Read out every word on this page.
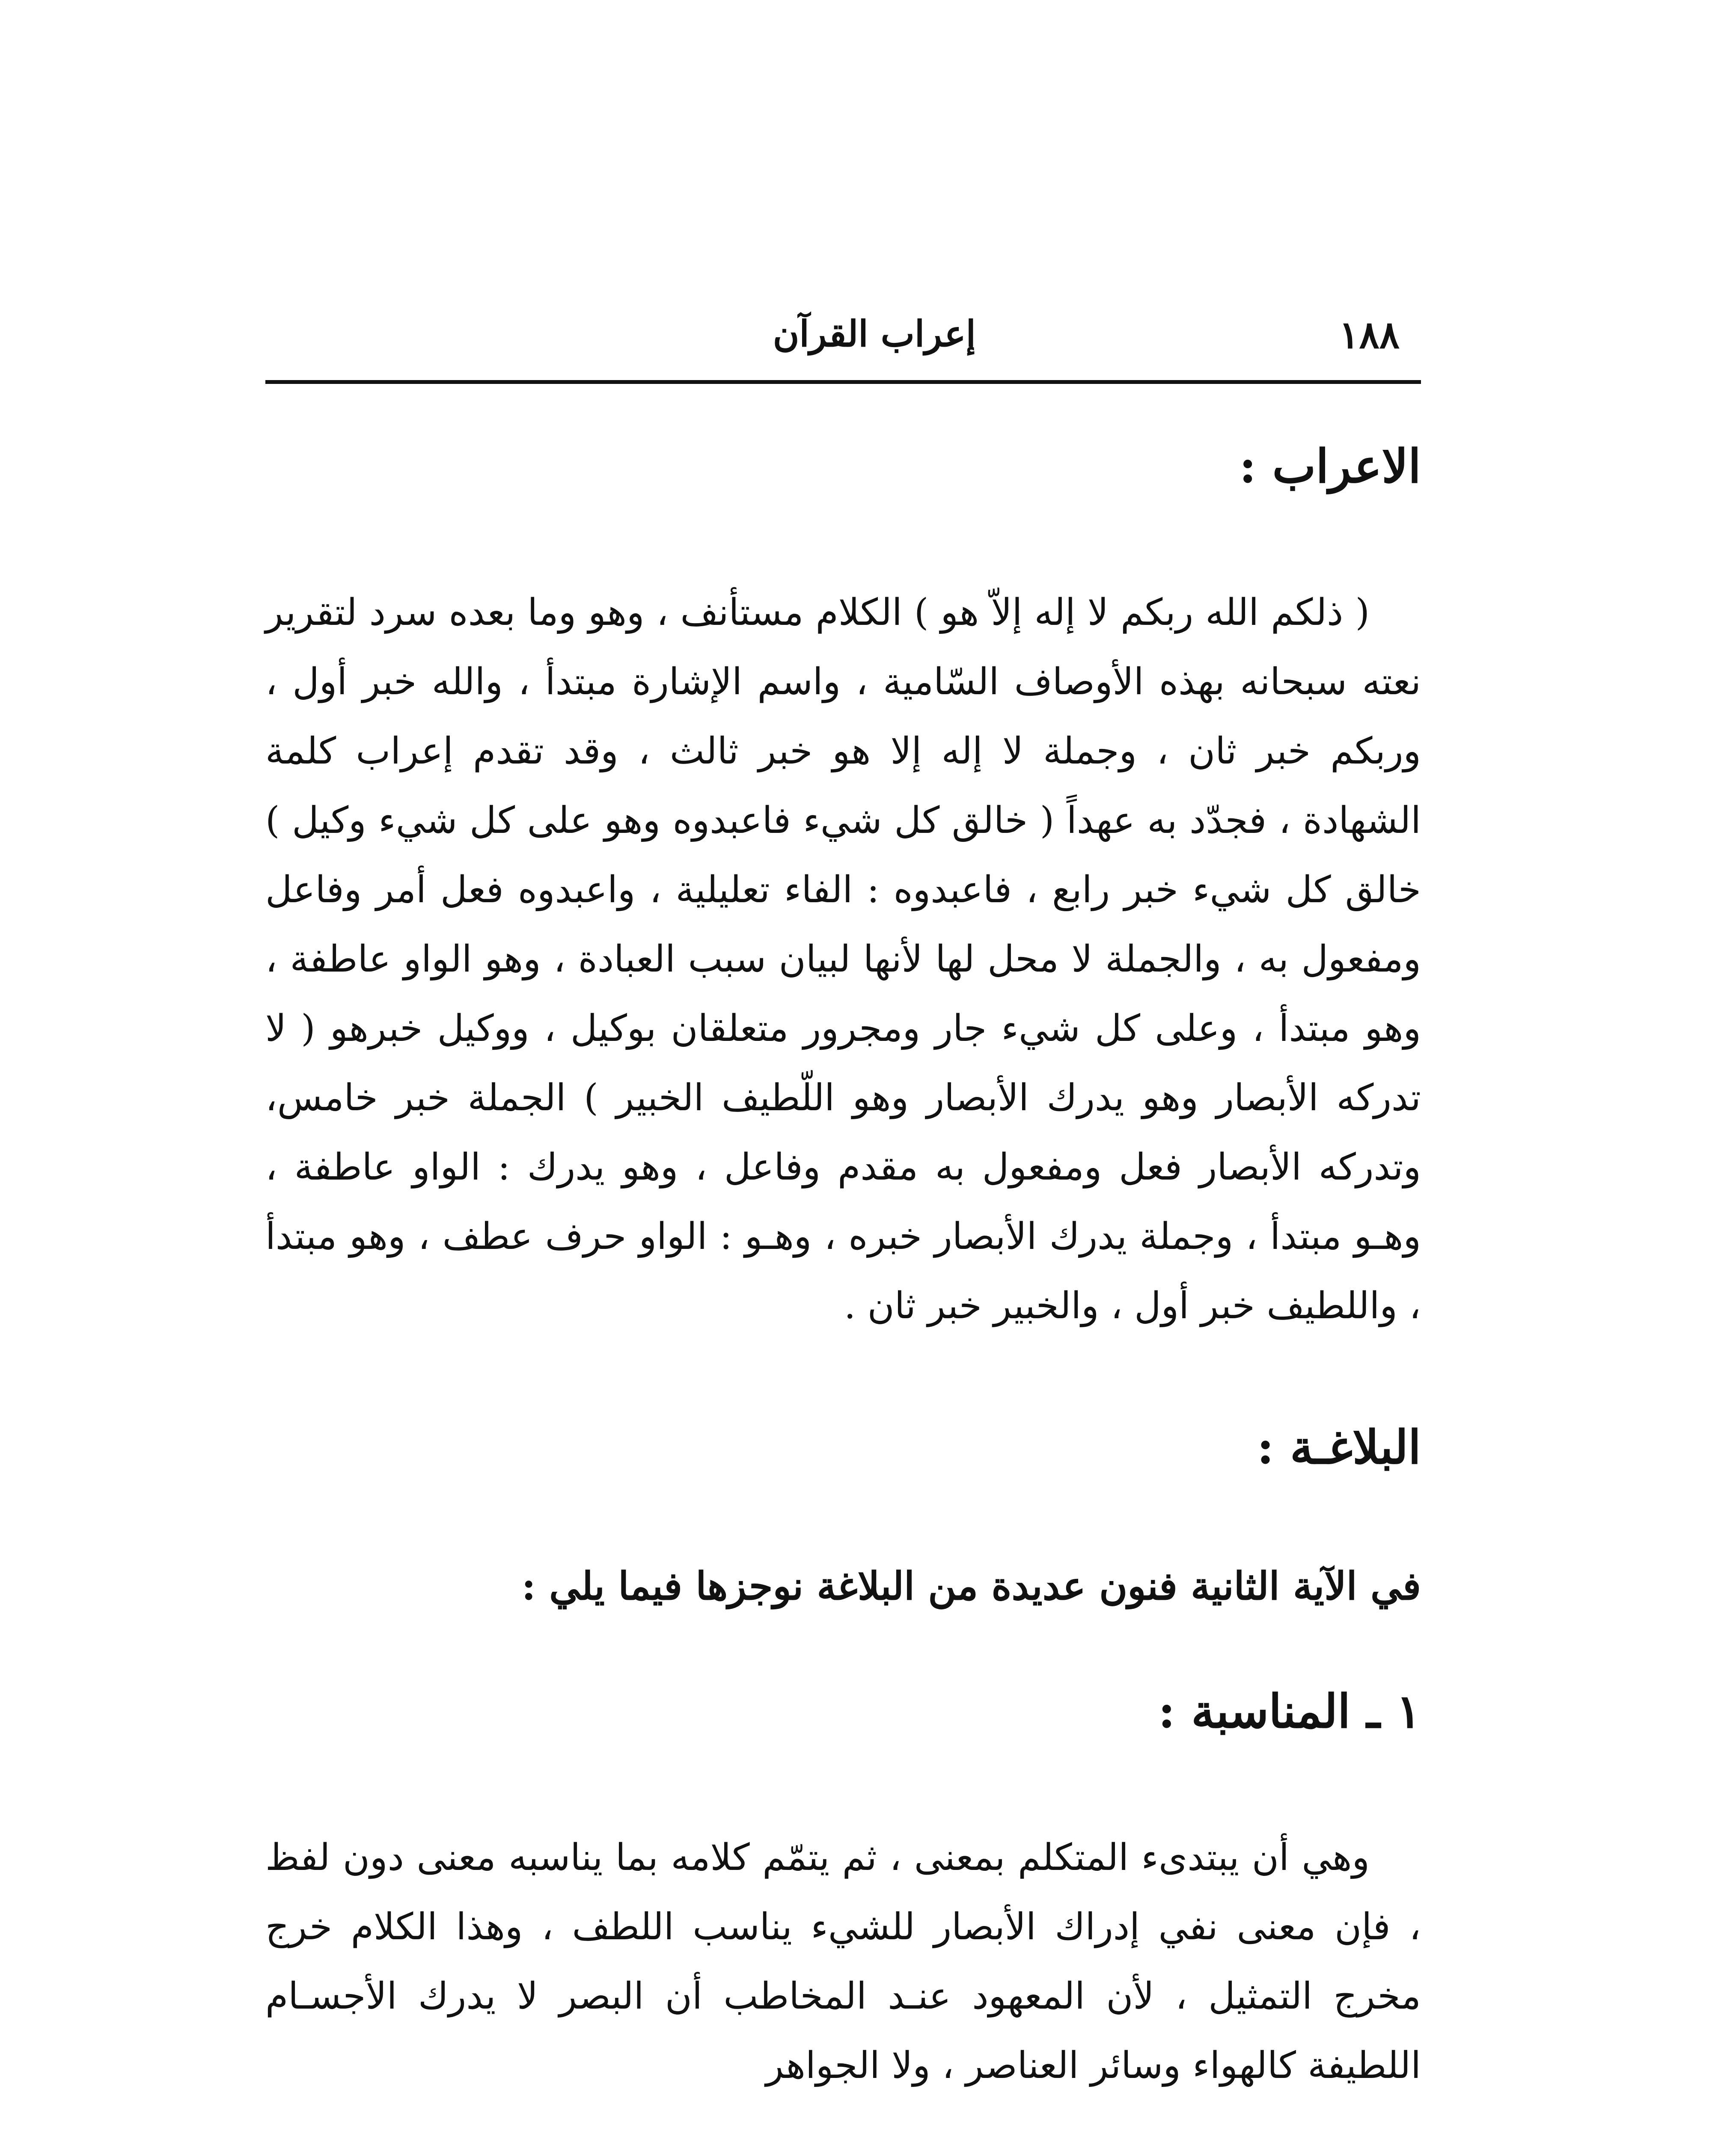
١٨٨
إعراب القرآن
الاعراب :

( ذلكم الله ربكم لا إله إلاّ هو ) الكلام مستأنف ، وهو وما بعده سرد لتقرير نعته سبحانه بهذه الأوصاف السّامية ، واسم الإشارة مبتدأ ، والله خبر أول ، وربكم خبر ثان ، وجملة لا إله إلا هو خبر ثالث ، وقد تقدم إعراب كلمة الشهادة ، فجدّد به عهداً ( خالق كل شيء فاعبدوه وهو على كل شيء وكيل ) خالق كل شيء خبر رابع ، فاعبدوه : الفاء تعليلية ، واعبدوه فعل أمر وفاعل ومفعول به ، والجملة لا محل لها لأنها لبيان سبب العبادة ، وهو الواو عاطفة ، وهو مبتدأ ، وعلى كل شيء جار ومجرور متعلقان بوكيل ، ووكيل خبرهو ( لا تدركه الأبصار وهو يدرك الأبصار وهو اللّطيف الخبير ) الجملة خبر خامس، وتدركه الأبصار فعل ومفعول به مقدم وفاعل ، وهو يدرك : الواو عاطفة ، وهـو مبتدأ ، وجملة يدرك الأبصار خبره ، وهـو : الواو حرف عطف ، وهو مبتدأ ، واللطيف خبر أول ، والخبير خبر ثان .

البلاغـة :

في الآية الثانية فنون عديدة من البلاغة نوجزها فيما يلي :

١ ـ المناسبة :

وهي أن يبتدىء المتكلم بمعنى ، ثم يتمّم كلامه بما يناسبه معنى دون لفظ ، فإن معنى نفي إدراك الأبصار للشيء يناسب اللطف ، وهذا الكلام خرج مخرج التمثيل ، لأن المعهود عنـد المخاطب أن البصر لا يدرك الأجسـام اللطيفة كالهواء وسائر العناصر ، ولا الجواهر
